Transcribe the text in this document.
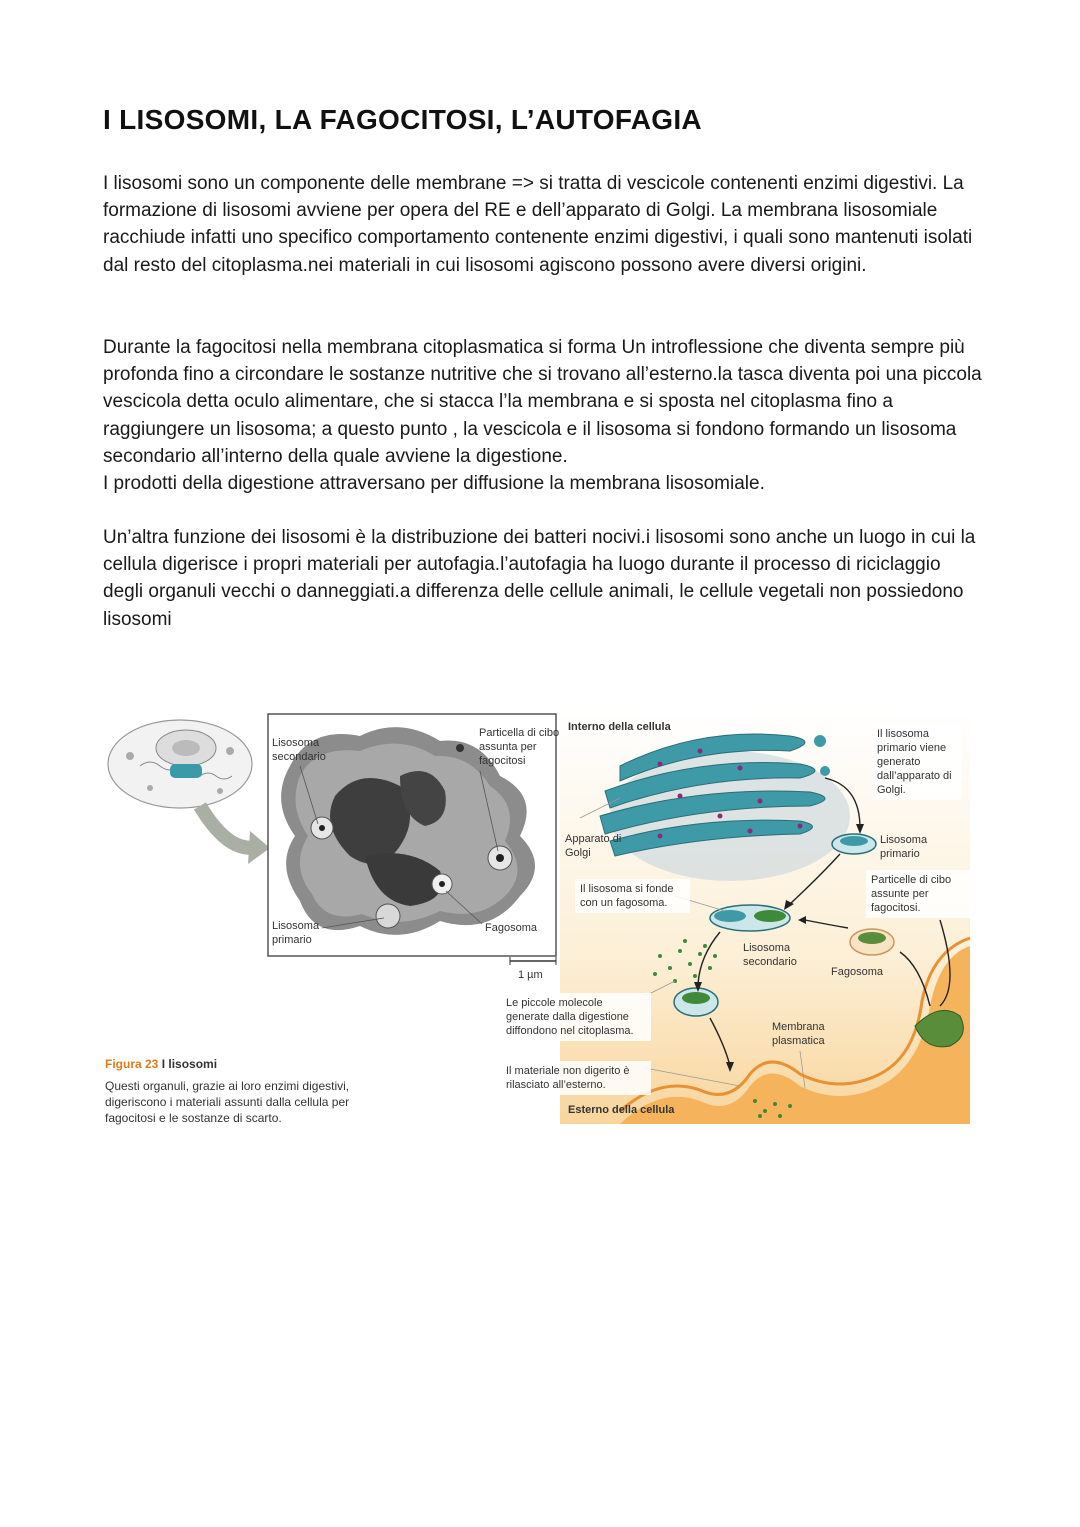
I LISOSOMI, LA FAGOCITOSI, L’AUTOFAGIA

I lisosomi sono un componente delle membrane => si tratta di vescicole contenenti enzimi digestivi. La formazione di lisosomi avviene per opera del RE e dell’apparato di Golgi. La membrana lisosomiale racchiude infatti uno specifico comportamento contenente enzimi digestivi, i quali sono mantenuti isolati dal resto del citoplasma.nei materiali in cui lisosomi agiscono possono avere diversi origini.

Durante la fagocitosi nella membrana citoplasmatica si forma Un introflessione che diventa sempre più profonda fino a circondare le sostanze nutritive che si trovano all’esterno.la tasca diventa poi una piccola vescicola detta oculo alimentare, che si stacca l’la membrana e si sposta nel citoplasma fino a raggiungere un lisosoma; a questo punto , la vescicola e il lisosoma si fondono formando un lisosoma secondario all’interno della quale avviene la digestione.
I prodotti della digestione attraversano per diffusione la membrana lisosomiale.

Un’altra funzione dei lisosomi è la distribuzione dei batteri nocivi.i lisosomi sono anche un luogo in cui la cellula digerisce i propri materiali per autofagia.l’autofagia ha luogo durante il processo di riciclaggio degli organuli vecchi o danneggiati.a differenza delle cellule animali, le cellule vegetali non possiedono lisosomi

Lisosoma secondario
Particella di cibo assunta per fagocitosi
Lisosoma primario
Fagosoma
1 µm
Interno della cellula
Apparato di Golgi
Il lisosoma primario viene generato dall’apparato di Golgi.
Lisosoma primario
Particelle di cibo assunte per fagocitosi.
Il lisosoma si fonde con un fagosoma.
Lisosoma secondario
Fagosoma
Le piccole molecole generate dalla digestione diffondono nel citoplasma.	Membrana plasmatica
Il materiale non digerito è rilasciato all’esterno.
Esterno della cellula
Figura 23 I lisosomi
Questi organuli, grazie ai loro enzimi digestivi, digeriscono i materiali assunti dalla cellula per fagocitosi e le sostanze di scarto.
